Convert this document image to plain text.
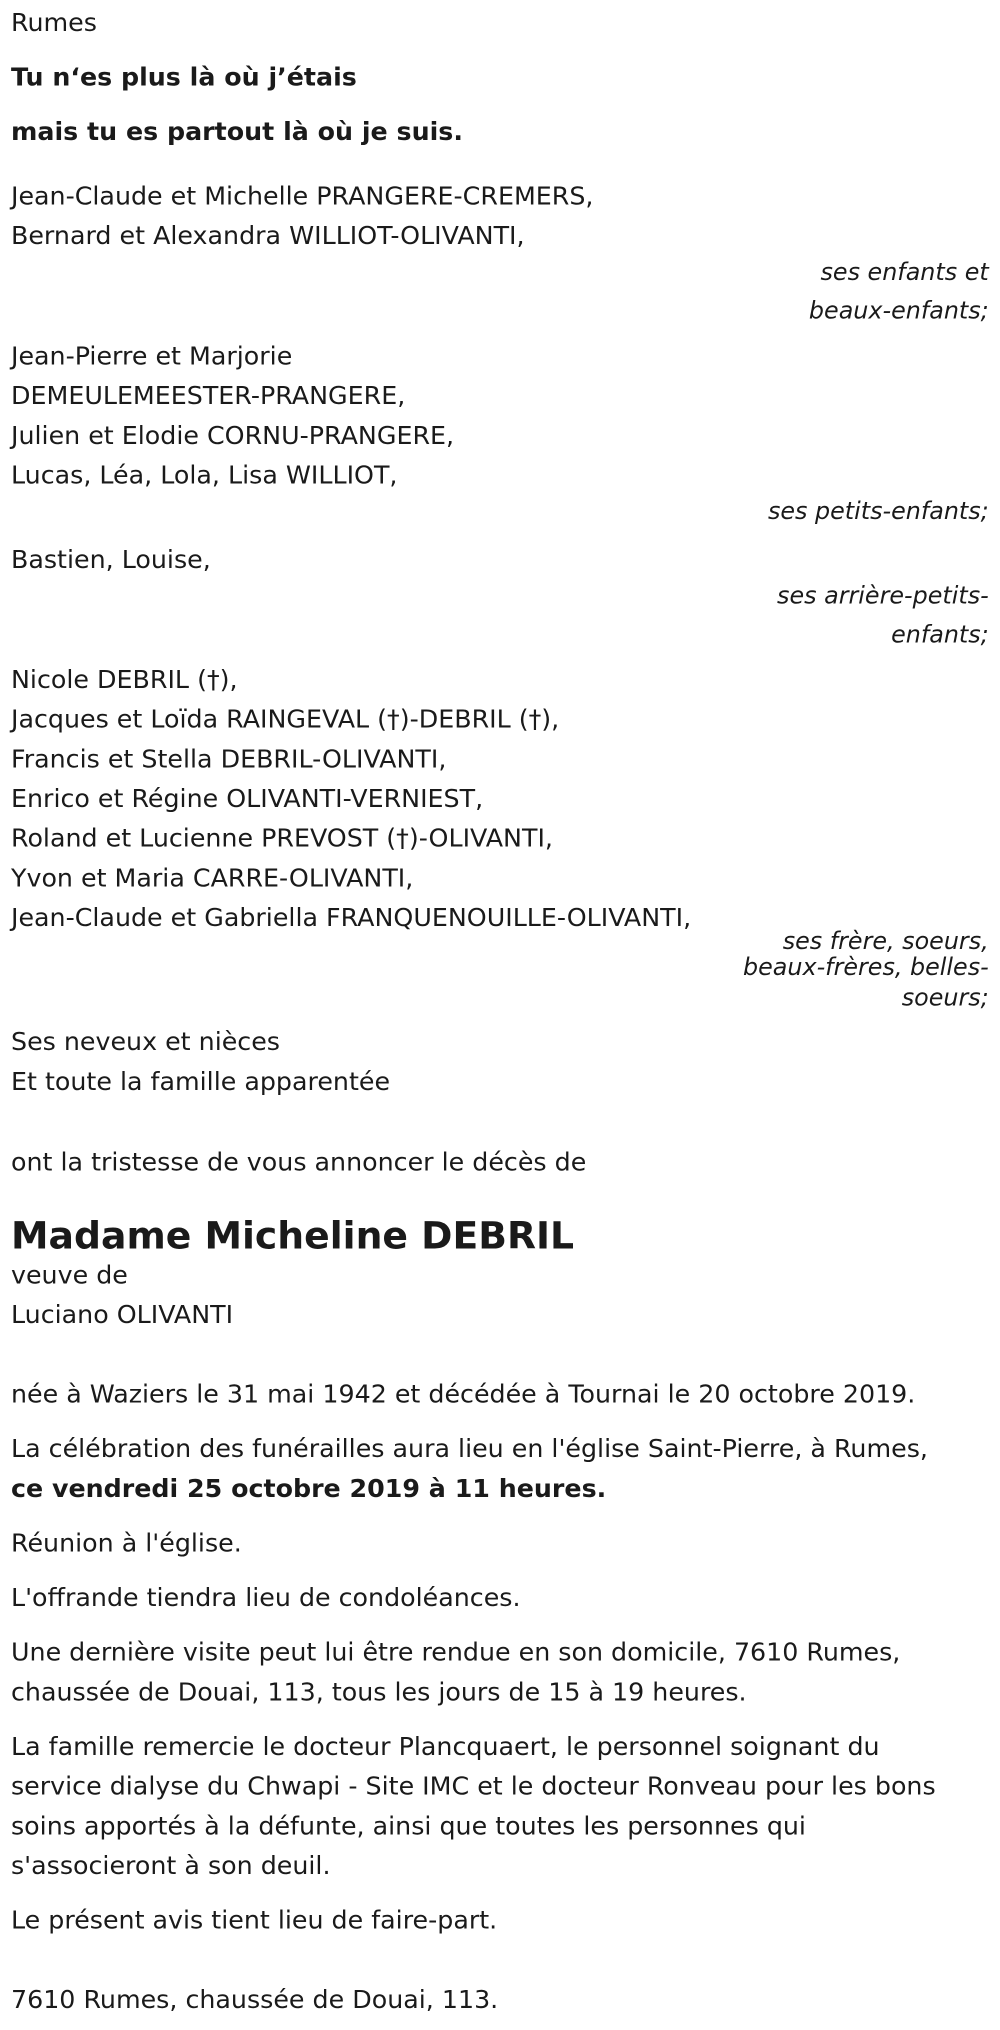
Rumes

Tu n‘es plus là où j’étais

mais tu es partout là où je suis.

Jean-Claude et Michelle PRANGERE-CREMERS,

Bernard et Alexandra WILLIOT-OLIVANTI,

ses enfants et
beaux-enfants;

Jean-Pierre et Marjorie

DEMEULEMEESTER-PRANGERE,

Julien et Elodie CORNU-PRANGERE,

Lucas, Léa, Lola, Lisa WILLIOT,

ses petits-enfants;

Bastien, Louise,

ses arrière-petits-
enfants;

Nicole DEBRIL (†),

Jacques et Loïda RAINGEVAL (†)-DEBRIL (†),

Francis et Stella DEBRIL-OLIVANTI,

Enrico et Régine OLIVANTI-VERNIEST,

Roland et Lucienne PREVOST (†)-OLIVANTI,

Yvon et Maria CARRE-OLIVANTI,

Jean-Claude et Gabriella FRANQUENOUILLE-OLIVANTI,

ses frère, soeurs,
beaux-frères, belles-
soeurs;

Ses neveux et nièces

Et toute la famille apparentée

ont la tristesse de vous annoncer le décès de

Madame Micheline DEBRIL

veuve de

Luciano OLIVANTI

née à Waziers le 31 mai 1942 et décédée à Tournai le 20 octobre 2019.

La célébration des funérailles aura lieu en l'église Saint-Pierre, à Rumes,

ce vendredi 25 octobre 2019 à 11 heures.

Réunion à l'église.

L'offrande tiendra lieu de condoléances.

Une dernière visite peut lui être rendue en son domicile, 7610 Rumes,

chaussée de Douai, 113, tous les jours de 15 à 19 heures.

La famille remercie le docteur Plancquaert, le personnel soignant du

service dialyse du Chwapi - Site IMC et le docteur Ronveau pour les bons

soins apportés à la défunte, ainsi que toutes les personnes qui

s'associeront à son deuil.

Le présent avis tient lieu de faire-part.

7610 Rumes, chaussée de Douai, 113.
